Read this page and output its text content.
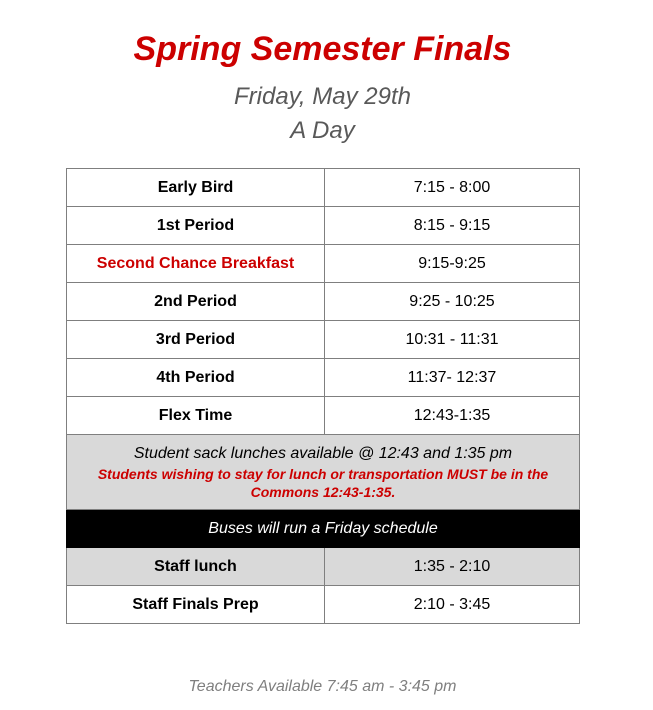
Spring Semester Finals
Friday, May 29th
A Day
Early Bird	7:15 - 8:00
1st Period	8:15 - 9:15
Second Chance Breakfast	9:15-9:25
2nd Period	9:25 - 10:25
3rd Period	10:31 - 11:31
4th Period	11:37- 12:37
Flex Time	12:43-1:35

Student sack lunches available @ 12:43 and 1:35 pm
Students wishing to stay for lunch or transportation MUST be in the Commons 12:43-1:35.	

Buses will run a Friday schedule	
Staff lunch	1:35 - 2:10
Staff Finals Prep	2:10 - 3:45
Teachers Available 7:45 am - 3:45 pm
